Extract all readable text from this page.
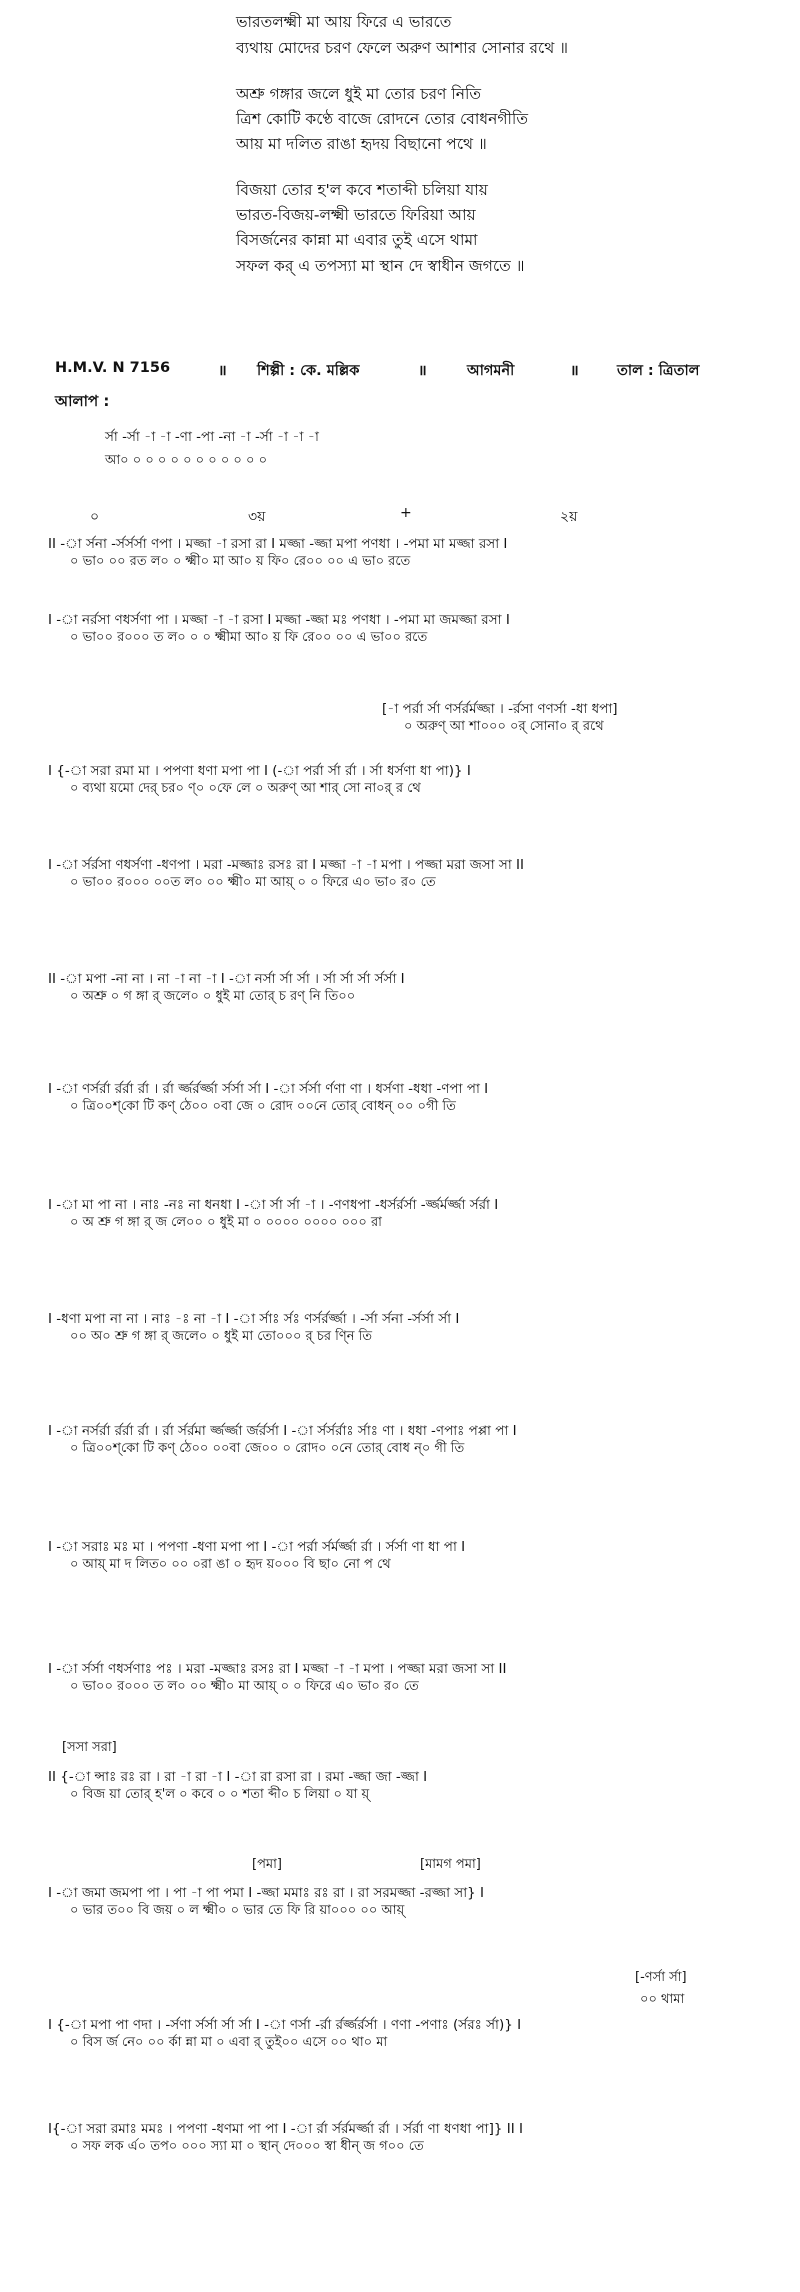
ভারতলক্ষ্মী মা আয় ফিরে এ ভারতে
ব্যথায় মোদের চরণ ফেলে অরুণ আশার সোনার রথে ॥
অশ্রু গঙ্গার জলে ধুই মা তোর চরণ নিতি
ত্রিশ কোটি কণ্ঠে বাজে রোদনে তোর বোধনগীতি
আয় মা দলিত রাঙা হৃদয় বিছানো পথে ॥
বিজয়া তোর হ'ল কবে শতাব্দী চলিয়া যায়
ভারত-বিজয়-লক্ষ্মী ভারতে ফিরিয়া আয়
বিসর্জনের কান্না মা এবার তুই এসে থামা
সফল কর্ এ তপস্যা মা স্থান দে স্বাধীন জগতে ॥
H.M.V. N 7156	॥ শিল্পী : কে. মল্লিক	॥	আগমনী	॥	তাল : ত্রিতাল
আলাপ :
র্সা -র্সা -া -া -ণা -পা -না -া -র্সা -া -া -া
আ০ ০ ০ ০ ০ ০ ০ ০ ০ ০ ০ ০
০	৩য়	+	২য়
II -া র্সনা -র্সর্সর্সা ণপা । মজ্জা -া রসা রা I মজ্জা -জ্জা মপা পণধা । -পমা মা মজ্জা রসা I
০ ভা০ ০০ রত ল০ ০ ক্ষ্মী০ মা আ০ য় ফি০ রে০০ ০০ এ ভা০ রতে
I -া নর্রসা ণধর্সণা পা । মজ্জা -া -া রসা I মজ্জা -জ্জা মঃ পণধা । -পমা মা জমজ্জা রসা I
০ ভা০০ র০০০ ত ল০ ০ ০ ক্ষ্মীমা আ০ য় ফি রে০০ ০০ এ ভা০০ রতে
[-া পর্রা র্সা ণর্সর্রর্মজ্জা । -র্রসা ণণর্সা -ধা ধপা]
০ অরুণ্ আ শা০০০ ০র্ সোনা০ র্ রথে
I {-া সরা রমা মা । পপণা ধণা মপা পা I (-া পর্রা র্সা র্রা । র্সা ধর্সণা ধা পা)} I
০ ব্যথা য়মো দের্ চর০ ণ্০ ০ফে লে ০ অরুণ্ আ শার্ সো না০র্ র থে
I -া র্সর্রসা ণধর্সণা -ধণপা । মরা -মজ্জাঃ রসঃ রা I মজ্জা -া -া মপা । পজ্জা মরা জসা সা II
০ ভা০০ র০০০ ০০ত ল০ ০০ ক্ষ্মী০ মা আয়্ ০ ০ ফিরে এ০ ভা০ র০ তে
II -া মপা -না না । না -া না -া I -া নর্সা র্সা র্সা । র্সা র্সা র্সা র্সর্সা I
০ অশ্রু ০ গ ঙ্গা র্ জলে০ ০ ধুই মা তোর্ চ রণ্ নি তি০০
I -া ণর্সর্রা র্রর্রা র্রা । র্রা র্জ্জর্রর্জ্জা র্সর্সা র্সা I -া র্সর্সা র্ণণা ণা । ধর্সণা -ধধা -ণপা পা I
০ ত্রি০০শ্‌কো টি কণ্ ঠে০০ ০বা জে ০ রোদ ০০নে তোর্ বোধন্ ০০ ০গী তি
I -া মা পা না । নাঃ -নঃ না ধনধা I -া র্সা র্সা -া । -ণণধপা -ধর্সর্রর্সা -র্জ্জর্মর্জ্জা র্সর্রা I
০ অ শ্রু গ ঙ্গা র্ জ লে০০ ০ ধুই মা ০ ০০০০ ০০০০ ০০০ রা
I -ধণা মপা না না । নাঃ -ঃ না -া I -া র্সাঃ র্সঃ ণর্সর্রর্জ্জা । -র্সা র্সনা -র্সর্সা র্সা I
০০ অ০ শ্রু গ ঙ্গা র্ জলে০ ০ ধুই মা তো০০০ র্ চর ণ্নি তি
I -া নর্সর্রা র্রর্রা র্রা । র্রা র্সর্রমা র্জ্জর্জ্জা র্জর্রর্সা I -া র্সর্সর্রাঃ র্সাঃ ণা । ধধা -ণপাঃ পপ্পা পা I
০ ত্রি০০শ্‌কো টি কণ্ ঠে০০ ০০বা জে০০ ০ রোদ০ ০নে তোর্ বোধ ন্০ গী তি
I -া সরাঃ মঃ মা । পপণা -ধণা মপা পা I -া পর্রা র্সর্মর্জ্জা র্রা । র্সর্সা ণা ধা পা I
০ আয়্ মা দ লিত০ ০০ ০রা ঙা ০ হৃদ য়০০০ বি ছা০ নো প থে
I -া র্সর্সা ণধর্সণাঃ পঃ । মরা -মজ্জাঃ রসঃ রা I মজ্জা -া -া মপা । পজ্জা মরা জসা সা II
০ ভা০০ র০০০ ত ল০ ০০ ক্ষ্মী০ মা আয়্ ০ ০ ফিরে এ০ ভা০ র০ তে
[সসা সরা]
II {-া ন্সাঃ রঃ রা । রা -া রা -া I -া রা রসা রা । রমা -জ্জা জা -জ্জা I
০ বিজ য়া তোর্ হ'ল ০ কবে ০ ০ শতা ব্দী০ চ লিয়া ০ যা য়্
[পমা]	[মামগ পমা]
I -া জমা জমপা পা । পা -া পা পমা I -জ্জা মমাঃ রঃ রা । রা সরমজ্জা -রজ্জা সা} I
০ ভার ত০০ বি জয় ০ ল ক্ষ্মী০ ০ ভার তে ফি রি য়া০০০ ০০ আয়্
[-ণর্সা র্সা]
০০ থামা
I {-া মপা পা ণদা । -র্সণা র্সর্সা র্সা র্সা I -া ণর্সা -র্রা র্রর্জ্জর্রর্সা । ণণা -পণাঃ (র্সরঃ র্সা)} I
০ বিস র্জ নে০ ০০ র্কা ন্না মা ০ এবা র্ তুই০০ এসে ০০ থা০ মা
I{-া সরা রমাঃ মমঃ । পপণা -ধণমা পা পা I -া র্রা র্সর্রমর্জ্জা র্রা । র্সর্রা ণা ধণধা পা]} II I
০ সফ লক র্এ০ তপ০ ০০০ স্যা মা ০ স্থান্ দে০০০ স্বা ধীন্ জ গ০০ তে
